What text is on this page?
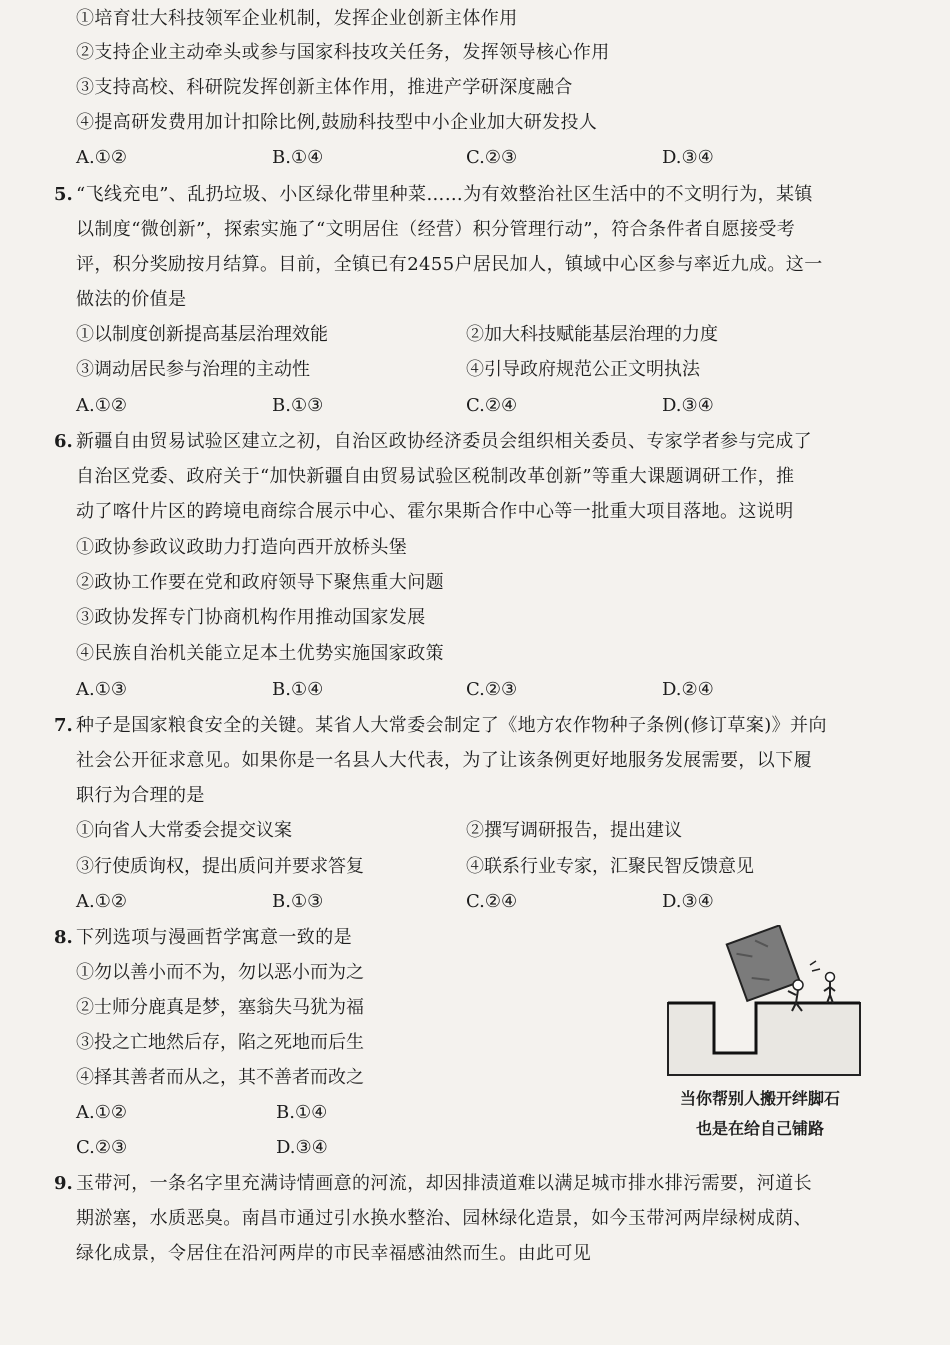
①培育壮大科技领军企业机制，发挥企业创新主体作用
②支持企业主动牵头或参与国家科技攻关任务，发挥领导核心作用
③支持高校、科研院发挥创新主体作用，推进产学研深度融合
④提高研发费用加计扣除比例,鼓励科技型中小企业加大研发投人
A.①②	B.①④	C.②③	D.③④
5. “飞线充电”、乱扔垃圾、小区绿化带里种菜……为有效整治社区生活中的不文明行为，某镇
以制度“微创新”，探索实施了“文明居住（经营）积分管理行动”，符合条件者自愿接受考
评，积分奖励按月结算。目前，全镇已有2455户居民加人，镇域中心区参与率近九成。这一
做法的价值是
①以制度创新提高基层治理效能	②加大科技赋能基层治理的力度
③调动居民参与治理的主动性	④引导政府规范公正文明执法
A.①②	B.①③	C.②④	D.③④
6. 新疆自由贸易试验区建立之初，自治区政协经济委员会组织相关委员、专家学者参与完成了
自治区党委、政府关于“加快新疆自由贸易试验区税制改革创新”等重大课题调研工作，推
动了喀什片区的跨境电商综合展示中心、霍尔果斯合作中心等一批重大项目落地。这说明
①政协参政议政助力打造向西开放桥头堡
②政协工作要在党和政府领导下聚焦重大问题
③政协发挥专门协商机构作用推动国家发展
④民族自治机关能立足本土优势实施国家政策
A.①③	B.①④	C.②③	D.②④
7. 种子是国家粮食安全的关键。某省人大常委会制定了《地方农作物种子条例(修订草案)》并向
社会公开征求意见。如果你是一名县人大代表，为了让该条例更好地服务发展需要，以下履
职行为合理的是
①向省人大常委会提交议案	②撰写调研报告，提出建议
③行使质询权，提出质问并要求答复	④联系行业专家，汇聚民智反馈意见
A.①②	B.①③	C.②④	D.③④
8. 下列选项与漫画哲学寓意一致的是
①勿以善小而不为，勿以恶小而为之
②士师分鹿真是梦，塞翁失马犹为福
③投之亡地然后存，陷之死地而后生
④择其善者而从之，其不善者而改之
A.①②	B.①④
C.②③	D.③④
当你帮别人搬开绊脚石
也是在给自己铺路
9. 玉带河，一条名字里充满诗情画意的河流，却因排渍道难以满足城市排水排污需要，河道长
期淤塞，水质恶臭。南昌市通过引水换水整治、园林绿化造景，如今玉带河两岸绿树成荫、
绿化成景，令居住在沿河两岸的市民幸福感油然而生。由此可见
